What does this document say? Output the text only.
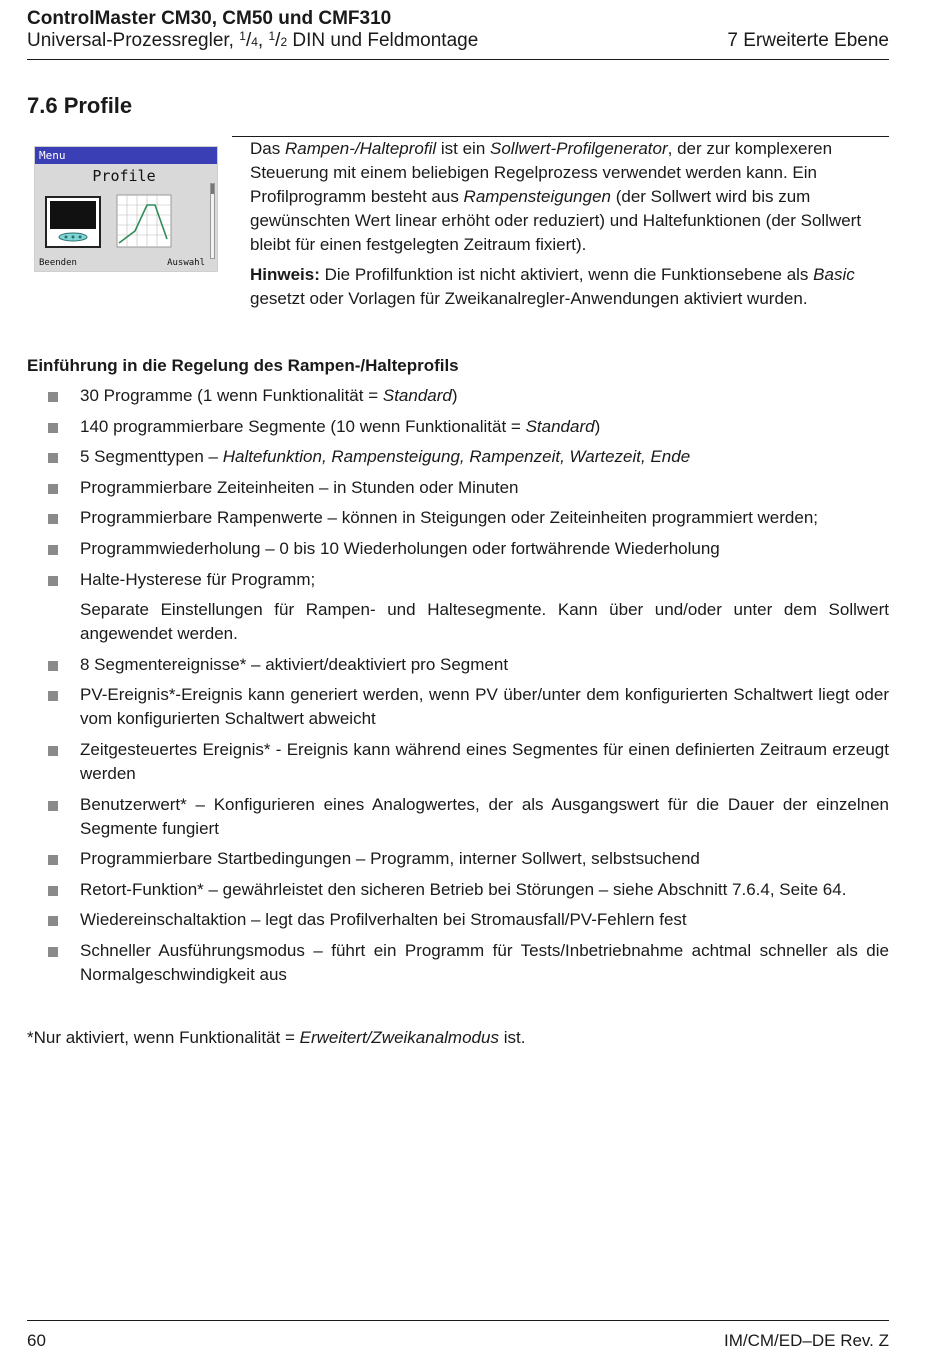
ControlMaster CM30, CM50 und CMF310
Universal-Prozessregler, $^1$/4, $^1$/2 DIN und Feldmontage	7 Erweiterte Ebene
7.6 Profile
Menu
Profile
Beenden	Auswahl

Das Rampen-/Halteprofil ist ein Sollwert-Profilgenerator, der zur komplexeren Steuerung mit einem beliebigen Regelprozess verwendet werden kann. Ein Profilprogramm besteht aus Rampensteigungen (der Sollwert wird bis zum gewünschten Wert linear erhöht oder reduziert) und Haltefunktionen (der Sollwert bleibt für einen festgelegten Zeitraum fixiert).

Hinweis: Die Profilfunktion ist nicht aktiviert, wenn die Funktionsebene als Basic gesetzt oder Vorlagen für Zweikanalregler-Anwendungen aktiviert wurden.

Einführung in die Regelung des Rampen-/Halteprofils
30 Programme (1 wenn Funktionalität = Standard)
140 programmierbare Segmente (10 wenn Funktionalität = Standard)
5 Segmenttypen – Haltefunktion, Rampensteigung, Rampenzeit, Wartezeit, Ende
Programmierbare Zeiteinheiten – in Stunden oder Minuten
Programmierbare Rampenwerte – können in Steigungen oder Zeiteinheiten programmiert werden;
Programmwiederholung – 0 bis 10 Wiederholungen oder fortwährende Wiederholung
Halte-Hysterese für Programm;
Separate Einstellungen für Rampen- und Haltesegmente. Kann über und/oder unter dem Sollwert angewendet werden.
8 Segmentereignisse* – aktiviert/deaktiviert pro Segment
PV-Ereignis*-Ereignis kann generiert werden, wenn PV über/unter dem konfigurierten Schaltwert liegt oder vom konfigurierten Schaltwert abweicht
Zeitgesteuertes Ereignis* - Ereignis kann während eines Segmentes für einen definierten Zeitraum erzeugt werden
Benutzerwert* – Konfigurieren eines Analogwertes, der als Ausgangswert für die Dauer der einzelnen Segmente fungiert
Programmierbare Startbedingungen – Programm, interner Sollwert, selbstsuchend
Retort-Funktion* – gewährleistet den sicheren Betrieb bei Störungen – siehe Abschnitt 7.6.4, Seite 64.
Wiedereinschaltaktion – legt das Profilverhalten bei Stromausfall/PV-Fehlern fest
Schneller Ausführungsmodus – führt ein Programm für Tests/Inbetriebnahme achtmal schneller als die Normalgeschwindigkeit aus
*Nur aktiviert, wenn Funktionalität = Erweitert/Zweikanalmodus ist.
60	IM/CM/ED–DE Rev. Z
